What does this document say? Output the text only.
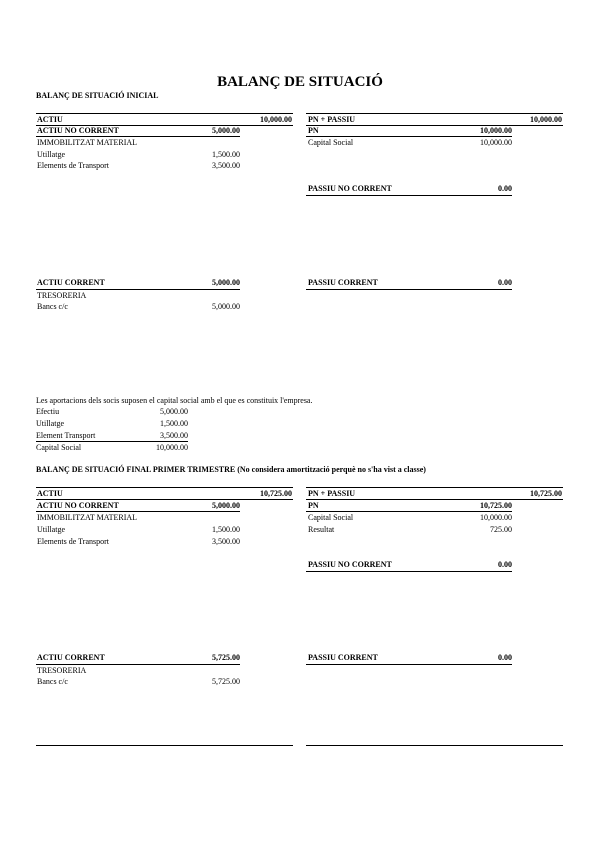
BALANÇ DE SITUACIÓ
BALANÇ DE SITUACIÓ INICIAL
ACTIU	10,000.00
ACTIU NO CORRENT	5,000.00
IMMOBILITZAT MATERIAL
Utillatge	1,500.00
Elements de Transport	3,500.00
ACTIU CORRENT	5,000.00
TRESORERIA
Bancs c/c	5,000.00
PN + PASSIU	10,000.00
PN	10,000.00
Capital Social	10,000.00
PASSIU NO CORRENT	0.00
PASSIU CORRENT	0.00
Les aportacions dels socis suposen el capital social amb el que es constituix l'empresa.
Efectiu	5,000.00
Utillatge	1,500.00
Element Transport	3,500.00
Capital Social	10,000.00
BALANÇ DE SITUACIÓ FINAL PRIMER TRIMESTRE (No considera amortització perquè no s'ha vist a classe)
ACTIU	10,725.00
ACTIU NO CORRENT	5,000.00
IMMOBILITZAT MATERIAL
Utillatge	1,500.00
Elements de Transport	3,500.00
ACTIU CORRENT	5,725.00
TRESORERIA
Bancs c/c	5,725.00
PN + PASSIU	10,725.00
PN	10,725.00
Capital Social	10,000.00
Resultat	725.00
PASSIU NO CORRENT	0.00
PASSIU CORRENT	0.00
